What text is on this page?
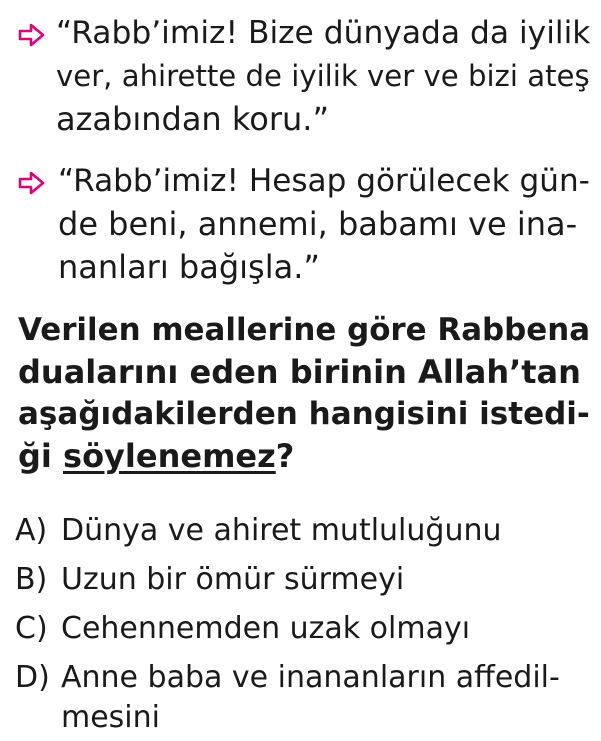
“Rabb’imiz! Bize dünyada da iyilik
ver, ahirette de iyilik ver ve bizi ateş
azabından koru.”
“Rabb’imiz! Hesap görülecek gün-
de beni, annemi, babamı ve ina-
nanları bağışla.”
Verilen meallerine göre Rabbena
dualarını eden birinin Allah’tan
aşağıdakilerden hangisini istedi-
ği söylenemez?
A) Dünya ve ahiret mutluluğunu
B) Uzun bir ömür sürmeyi
C) Cehennemden uzak olmayı
D) Anne baba ve inananların affedil-
mesini
